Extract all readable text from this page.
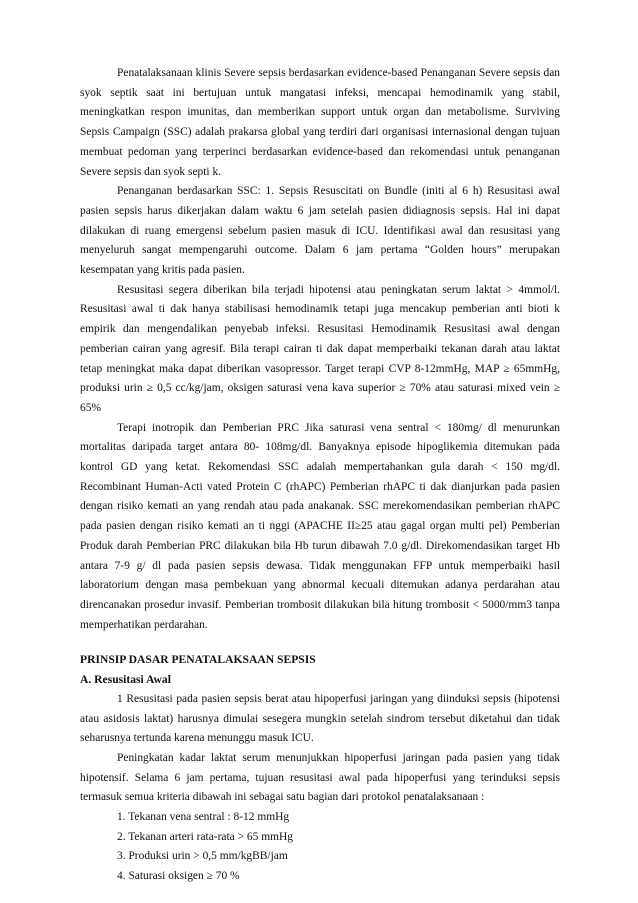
Penatalaksanaan klinis Severe sepsis berdasarkan evidence-based Penanganan Severe sepsis dan syok septik saat ini bertujuan untuk mangatasi infeksi, mencapai hemodinamik yang stabil, meningkatkan respon imunitas, dan memberikan support untuk organ dan metabolisme. Surviving Sepsis Campaign (SSC) adalah prakarsa global yang terdiri dari organisasi internasional dengan tujuan membuat pedoman yang terperinci berdasarkan evidence-based dan rekomendasi untuk penanganan Severe sepsis dan syok septi k.

Penanganan berdasarkan SSC: 1. Sepsis Resuscitati on Bundle (initi al 6 h) Resusitasi awal pasien sepsis harus dikerjakan dalam waktu 6 jam setelah pasien didiagnosis sepsis. Hal ini dapat dilakukan di ruang emergensi sebelum pasien masuk di ICU. Identifikasi awal dan resusitasi yang menyeluruh sangat mempengaruhi outcome. Dalam 6 jam pertama “Golden hours” merupakan kesempatan yang kritis pada pasien.

Resusitasi segera diberikan bila terjadi hipotensi atau peningkatan serum laktat > 4mmol/l. Resusitasi awal ti dak hanya stabilisasi hemodinamik tetapi juga mencakup pemberian anti bioti k empirik dan mengendalikan penyebab infeksi. Resusitasi Hemodinamik Resusitasi awal dengan pemberian cairan yang agresif. Bila terapi cairan ti dak dapat memperbaiki tekanan darah atau laktat tetap meningkat maka dapat diberikan vasopressor. Target terapi CVP 8-12mmHg, MAP ≥ 65mmHg, produksi urin ≥ 0,5 cc/kg/jam, oksigen saturasi vena kava superior ≥ 70% atau saturasi mixed vein ≥ 65%

Terapi inotropik dan Pemberian PRC Jika saturasi vena sentral < 180mg/ dl menurunkan mortalitas daripada target antara 80- 108mg/dl. Banyaknya episode hipoglikemia ditemukan pada kontrol GD yang ketat. Rekomendasi SSC adalah mempertahankan gula darah < 150 mg/dl. Recombinant Human-Acti vated Protein C (rhAPC) Pemberian rhAPC ti dak dianjurkan pada pasien dengan risiko kemati an yang rendah atau pada anakanak. SSC merekomendasikan pemberian rhAPC pada pasien dengan risiko kemati an ti nggi (APACHE II≥25 atau gagal organ multi pel) Pemberian Produk darah Pemberian PRC dilakukan bila Hb turun dibawah 7.0 g/dl. Direkomendasikan target Hb antara 7-9 g/ dl pada pasien sepsis dewasa. Tidak menggunakan FFP untuk memperbaiki hasil laboratorium dengan masa pembekuan yang abnormal kecuali ditemukan adanya perdarahan atau direncanakan prosedur invasif. Pemberian trombosit dilakukan bila hitung trombosit < 5000/mm3 tanpa memperhatikan perdarahan.

PRINSIP DASAR PENATALAKSAAN SEPSIS

A. Resusitasi Awal

1 Resusitasi pada pasien sepsis berat atau hipoperfusi jaringan yang diinduksi sepsis (hipotensi atau asidosis laktat) harusnya dimulai sesegera mungkin setelah sindrom tersebut diketahui dan tidak seharusnya tertunda karena menunggu masuk ICU.

Peningkatan kadar laktat serum menunjukkan hipoperfusi jaringan pada pasien yang tidak hipotensif. Selama 6 jam pertama, tujuan resusitasi awal pada hipoperfusi yang terinduksi sepsis termasuk semua kriteria dibawah ini sebagai satu bagian dari protokol penatalaksanaan :

1. Tekanan vena sentral : 8-12 mmHg
2. Tekanan arteri rata-rata > 65 mmHg
3. Produksi urin > 0,5 mm/kgBB/jam
4. Saturasi oksigen ≥ 70 %
